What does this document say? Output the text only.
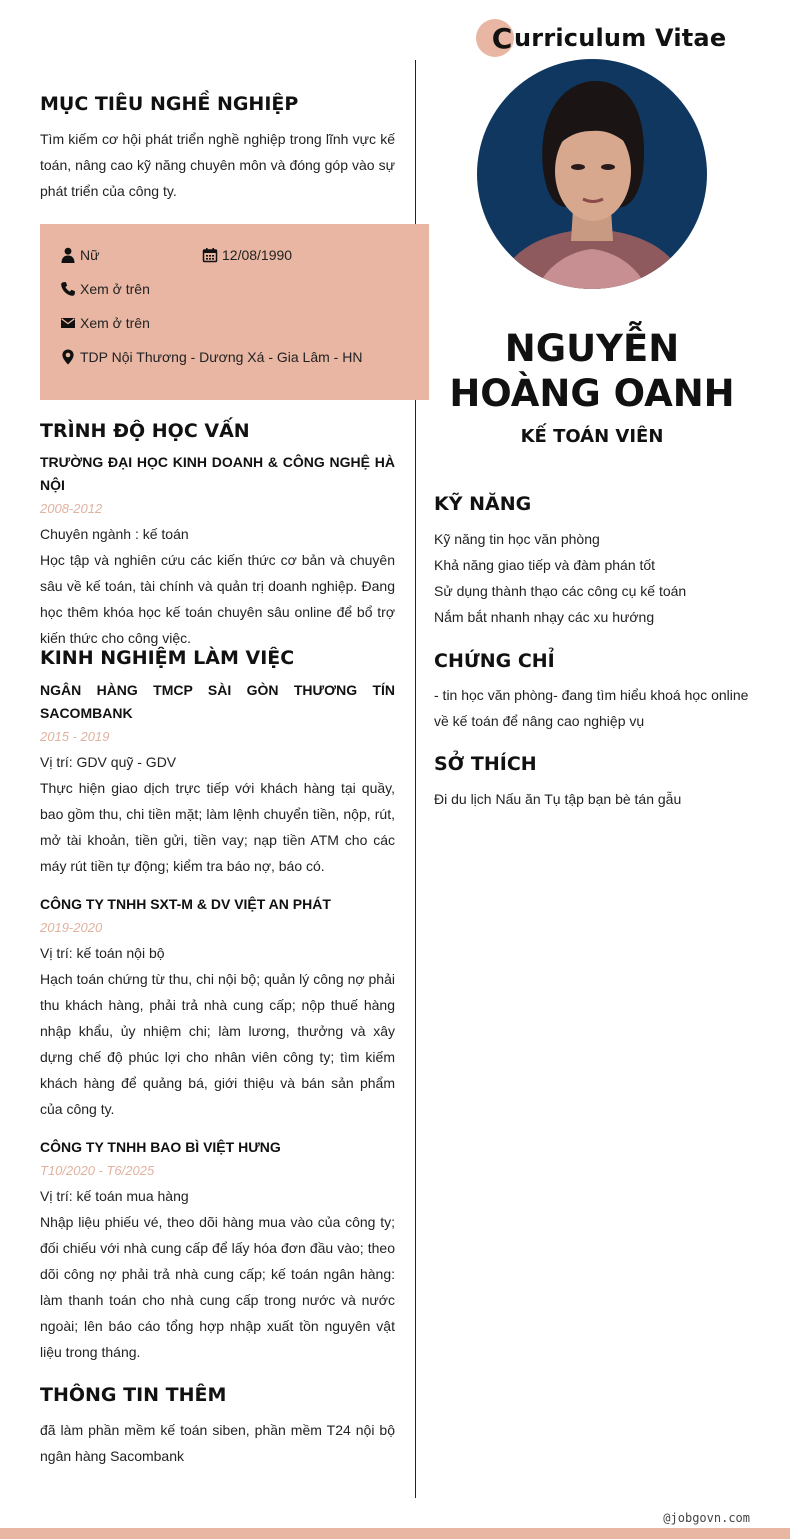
C urriculum Vitae
MỤC TIÊU NGHỀ NGHIỆP

Tìm kiếm cơ hội phát triển nghề nghiệp trong lĩnh vực kế toán, nâng cao kỹ năng chuyên môn và đóng góp vào sự phát triển của công ty.

Nữ	12/08/1990
Xem ở trên
Xem ở trên
TDP Nội Thương - Dương Xá - Gia Lâm - HN
TRÌNH ĐỘ HỌC VẤN

TRƯỜNG ĐẠI HỌC KINH DOANH & CÔNG NGHỆ HÀ NỘI

2008-2012

Chuyên ngành : kế toán

Học tập và nghiên cứu các kiến thức cơ bản và chuyên sâu về kế toán, tài chính và quản trị doanh nghiệp. Đang học thêm khóa học kế toán chuyên sâu online để bổ trợ kiến thức cho công việc.

KINH NGHIỆM LÀM VIỆC

NGÂN HÀNG TMCP SÀI GÒN THƯƠNG TÍN SACOMBANK

2015 - 2019

Vị trí: GDV quỹ - GDV

Thực hiện giao dịch trực tiếp với khách hàng tại quầy, bao gồm thu, chi tiền mặt; làm lệnh chuyển tiền, nộp, rút, mở tài khoản, tiền gửi, tiền vay; nạp tiền ATM cho các máy rút tiền tự động; kiểm tra báo nợ, báo có.

CÔNG TY TNHH SXT-M & DV VIỆT AN PHÁT

2019-2020

Vị trí: kế toán nội bộ

Hạch toán chứng từ thu, chi nội bộ; quản lý công nợ phải thu khách hàng, phải trả nhà cung cấp; nộp thuế hàng nhập khẩu, ủy nhiệm chi; làm lương, thưởng và xây dựng chế độ phúc lợi cho nhân viên công ty; tìm kiếm khách hàng để quảng bá, giới thiệu và bán sản phẩm của công ty.

CÔNG TY TNHH BAO BÌ VIỆT HƯNG

T10/2020 - T6/2025

Vị trí: kế toán mua hàng

Nhập liệu phiếu vé, theo dõi hàng mua vào của công ty; đối chiếu với nhà cung cấp để lấy hóa đơn đầu vào; theo dõi công nợ phải trả nhà cung cấp; kế toán ngân hàng: làm thanh toán cho nhà cung cấp trong nước và nước ngoài; lên báo cáo tổng hợp nhập xuất tồn nguyên vật liệu trong tháng.

THÔNG TIN THÊM

đã làm phần mềm kế toán siben, phần mềm T24 nội bộ ngân hàng Sacombank

NGUYỄN HOÀNG OANH
KẾ TOÁN VIÊN
KỸ NĂNG

Kỹ năng tin học văn phòng

Khả năng giao tiếp và đàm phán tốt

Sử dụng thành thạo các công cụ kế toán

Nắm bắt nhanh nhạy các xu hướng

CHỨNG CHỈ

- tin học văn phòng- đang tìm hiểu khoá học online về kế toán để nâng cao nghiệp vụ

SỞ THÍCH

Đi du lịch Nấu ăn Tụ tập bạn bè tán gẫu

@jobgovn.com
